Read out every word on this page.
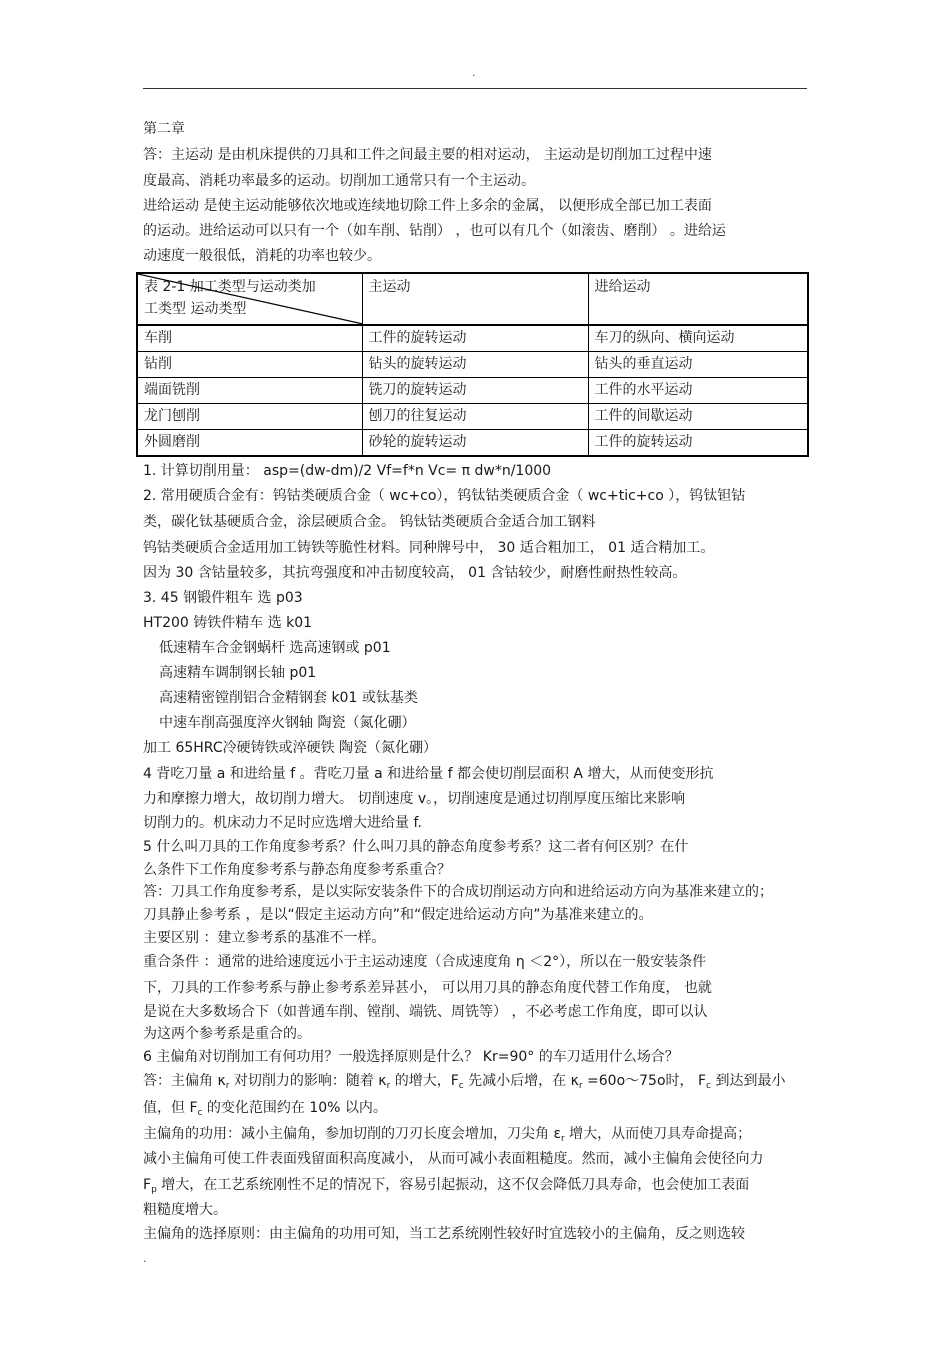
.

第二章

答：主运动 是由机床提供的刀具和工件之间最主要的相对运动， 主运动是切削加工过程中速

度最高、消耗功率最多的运动。切削加工通常只有一个主运动。

进给运动 是使主运动能够依次地或连续地切除工件上多余的金属， 以便形成全部已加工表面

的运动。进给运动可以只有一个（如车削、钻削） ，也可以有几个（如滚齿、磨削） 。进给运

动速度一般很低，消耗的功率也较少。

表 2-1 加工类型与运动类加
工类型 运动类型	主运动	进给运动
车削	工件的旋转运动	车刀的纵向、横向运动
钻削	钻头的旋转运动	钻头的垂直运动
端面铣削	铣刀的旋转运动	工件的水平运动
龙门刨削	刨刀的往复运动	工件的间歇运动
外圆磨削	砂轮的旋转运动	工件的旋转运动

1. 计算切削用量： asp=(dw-dm)/2 Vf=f*n Vc= π dw*n/1000

2. 常用硬质合金有：钨钴类硬质合金（ wc+co），钨钛钴类硬质合金（ wc+tic+co ），钨钛钽钴

类，碳化钛基硬质合金，涂层硬质合金。 钨钛钴类硬质合金适合加工钢料

钨钴类硬质合金适用加工铸铁等脆性材料。同种牌号中， 30 适合粗加工， 01 适合精加工。

因为 30 含钴量较多，其抗弯强度和冲击韧度较高， 01 含钴较少，耐磨性耐热性较高。

3. 45 钢锻件粗车 选 p03

HT200 铸铁件精车 选 k01

低速精车合金钢蜗杆 选高速钢或 p01

高速精车调制钢长轴 p01

高速精密镗削铝合金精钢套 k01 或钛基类

中速车削高强度淬火钢轴 陶瓷（氮化硼）

加工 65HRC冷硬铸铁或淬硬铁 陶瓷（氮化硼）

4 背吃刀量 a 和进给量 f 。背吃刀量 a 和进给量 f 都会使切削层面积 A 增大，从而使变形抗

力和摩擦力增大，故切削力增大。 切削速度 v。，切削速度是通过切削厚度压缩比来影响

切削力的。机床动力不足时应选增大进给量 f.

5 什么叫刀具的工作角度参考系？什么叫刀具的静态角度参考系？这二者有何区别？在什

么条件下工作角度参考系与静态角度参考系重合？

答：刀具工作角度参考系，是以实际安装条件下的合成切削运动方向和进给运动方向为基准来建立的；

刀具静止参考系 ，是以“假定主运动方向”和“假定进给运动方向”为基准来建立的。

主要区别 ：建立参考系的基准不一样。

重合条件 ：通常的进给速度远小于主运动速度（合成速度角 η ＜2°），所以在一般安装条件

下，刀具的工作参考系与静止参考系差异甚小， 可以用刀具的静态角度代替工作角度， 也就

是说在大多数场合下（如普通车削、镗削、端铣、周铣等） ，不必考虑工作角度，即可以认

为这两个参考系是重合的。

6 主偏角对切削加工有何功用？一般选择原则是什么？ Kr=90° 的车刀适用什么场合？

答：主偏角 $\kappa_r$ 对切削力的影响：随着 $\kappa_r$ 的增大，$F_c$ 先减小后增，在 $\kappa_r$ =60o～75o时， $F_c$ 到达到最小

值，但 $F_c$ 的变化范围约在 10% 以内。

主偏角的功用：减小主偏角，参加切削的刀刃长度会增加，刀尖角 $\varepsilon_r$ 增大，从而使刀具寿命提高；

减小主偏角可使工件表面残留面积高度减小， 从而可减小表面粗糙度。然而，减小主偏角会使径向力

$F_p$ 增大，在工艺系统刚性不足的情况下，容易引起振动，这不仅会降低刀具寿命，也会使加工表面

粗糙度增大。

主偏角的选择原则：由主偏角的功用可知，当工艺系统刚性较好时宜选较小的主偏角，反之则选较

.
